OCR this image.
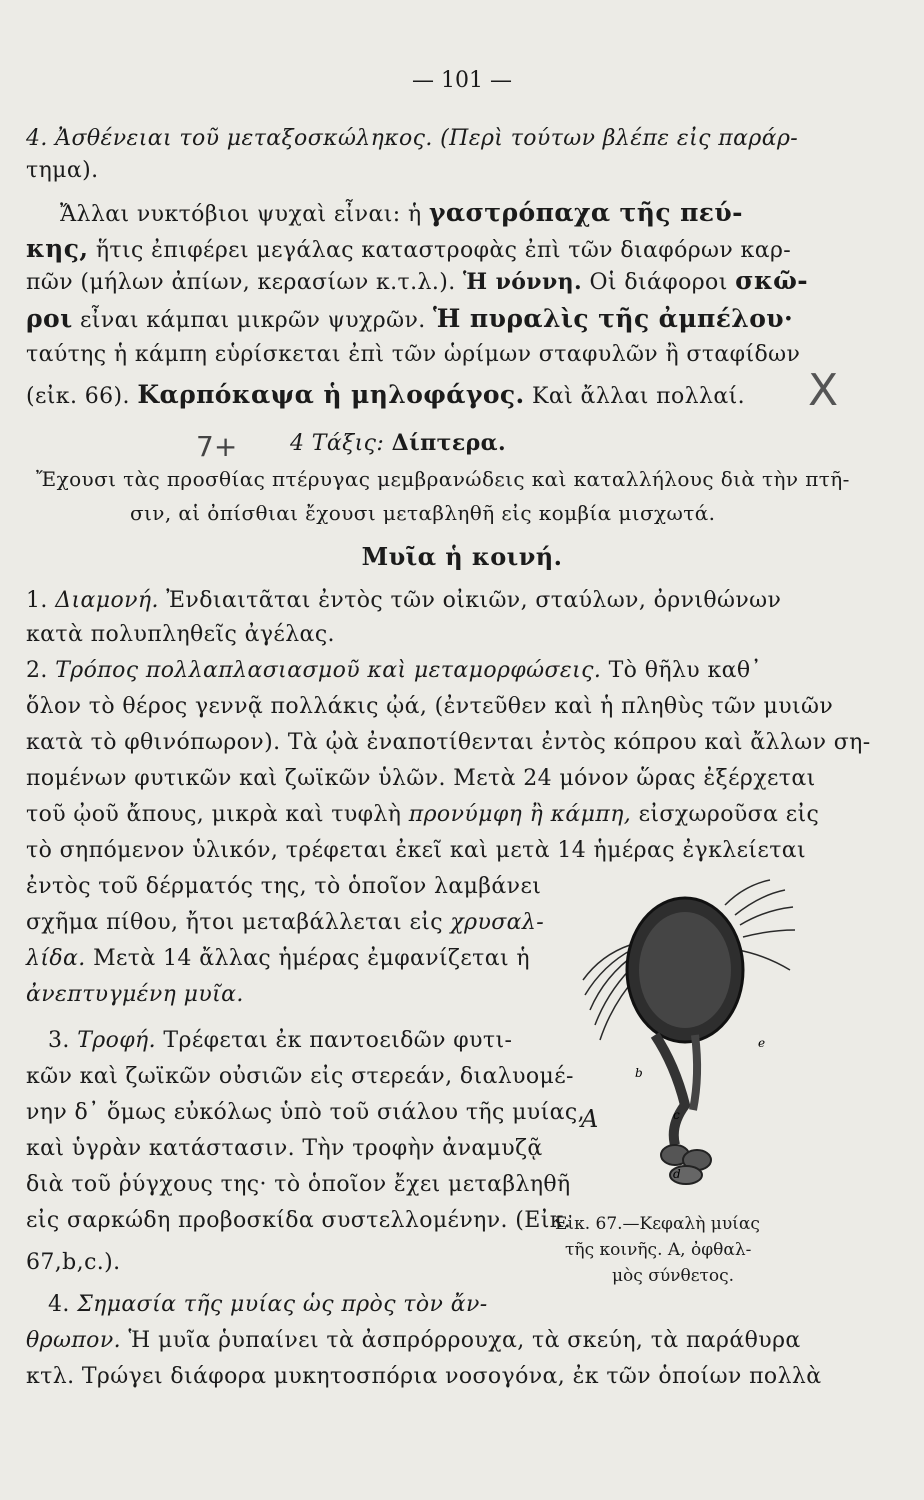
— 101 —
4. Ἀσθένειαι τοῦ μεταξοσκώληκος. (Περὶ τούτων βλέπε εἰς παράρ-
τημα).
Ἄλλαι νυκτόβιοι ψυχαὶ εἶναι: ἡ γαστρόπαχα τῆς πεύ-
κης, ἥτις ἐπιφέρει μεγάλας καταστροφὰς ἐπὶ τῶν διαφόρων καρ-
πῶν (μήλων ἀπίων, κερασίων κ.τ.λ.). Ἡ νόννη. Οἱ διάφοροι σκῶ-
ροι εἶναι κάμπαι μικρῶν ψυχρῶν. Ἡ πυραλὶς τῆς ἀμπέλου·
ταύτης ἡ κάμπη εὑρίσκεται ἐπὶ τῶν ὡρίμων σταφυλῶν ἢ σταφίδων
(εἰκ. 66). Καρπόκαψα ἡ μηλοφάγος. Καὶ ἄλλαι πολλαί.	X
7+ 4 Τάξις: Δίπτερα.
Ἔχουσι τὰς προσθίας πτέρυγας μεμβρανώδεις καὶ καταλλήλους διὰ τὴν πτῆ-
σιν, αἱ ὀπίσθιαι ἔχουσι μεταβληθῆ εἰς κομβία μισχωτά.
Μυῖα ἡ κοινή.
1. Διαμονή. Ἐνδιαιτᾶται ἐντὸς τῶν οἰκιῶν, σταύλων, ὀρνιθώνων
κατὰ πολυπληθεῖς ἀγέλας.
2. Τρόπος πολλαπλασιασμοῦ καὶ μεταμορφώσεις. Τὸ θῆλυ καθ᾽
ὅλον τὸ θέρος γεννᾷ πολλάκις ᾠά, (ἐντεῦθεν καὶ ἡ πληθὺς τῶν μυιῶν
κατὰ τὸ φθινόπωρον). Τὰ ᾠὰ ἐναποτίθενται ἐντὸς κόπρου καὶ ἄλλων ση-
πομένων φυτικῶν καὶ ζωϊκῶν ὑλῶν. Μετὰ 24 μόνον ὥρας ἐξέρχεται
τοῦ ᾠοῦ ἄπους, μικρὰ καὶ τυφλὴ προνύμφη ἢ κάμπη, εἰσχωροῦσα εἰς
τὸ σηπόμενον ὑλικόν, τρέφεται ἐκεῖ καὶ μετὰ 14 ἡμέρας ἐγκλείεται
ἐντὸς τοῦ δέρματός της, τὸ ὁποῖον λαμβάνει
σχῆμα πίθου, ἤτοι μεταβάλλεται εἰς χρυσαλ-
λίδα. Μετὰ 14 ἄλλας ἡμέρας ἐμφανίζεται ἡ
ἀνεπτυγμένη μυῖα.
3. Τροφή. Τρέφεται ἐκ παντοειδῶν φυτι-
κῶν καὶ ζωϊκῶν οὐσιῶν εἰς στερεάν, διαλυομέ-
νην δ᾽ ὅμως εὐκόλως ὑπὸ τοῦ σιάλου τῆς μυίας,
καὶ ὑγρὰν κατάστασιν. Τὴν τροφὴν ἀναμυζᾷ
διὰ τοῦ ῥύγχους της· τὸ ὁποῖον ἔχει μεταβληθῆ
εἰς σαρκώδη προβοσκίδα συστελλομένην. (Εἰκ.
67,b,c.).
4. Σημασία τῆς μυίας ὡς πρὸς τὸν ἄν-
θρωπον. Ἡ μυῖα ῥυπαίνει τὰ ἀσπρόρρουχα, τὰ σκεύη, τὰ παράθυρα
κτλ. Τρώγει διάφορα μυκητοσπόρια νοσογόνα, ἐκ τῶν ὁποίων πολλὰ
b
c
d
e
A
Εἰκ. 67.—Κεφαλὴ μυίας
τῆς κοινῆς. Α, ὀφθαλ-
μὸς σύνθετος.
